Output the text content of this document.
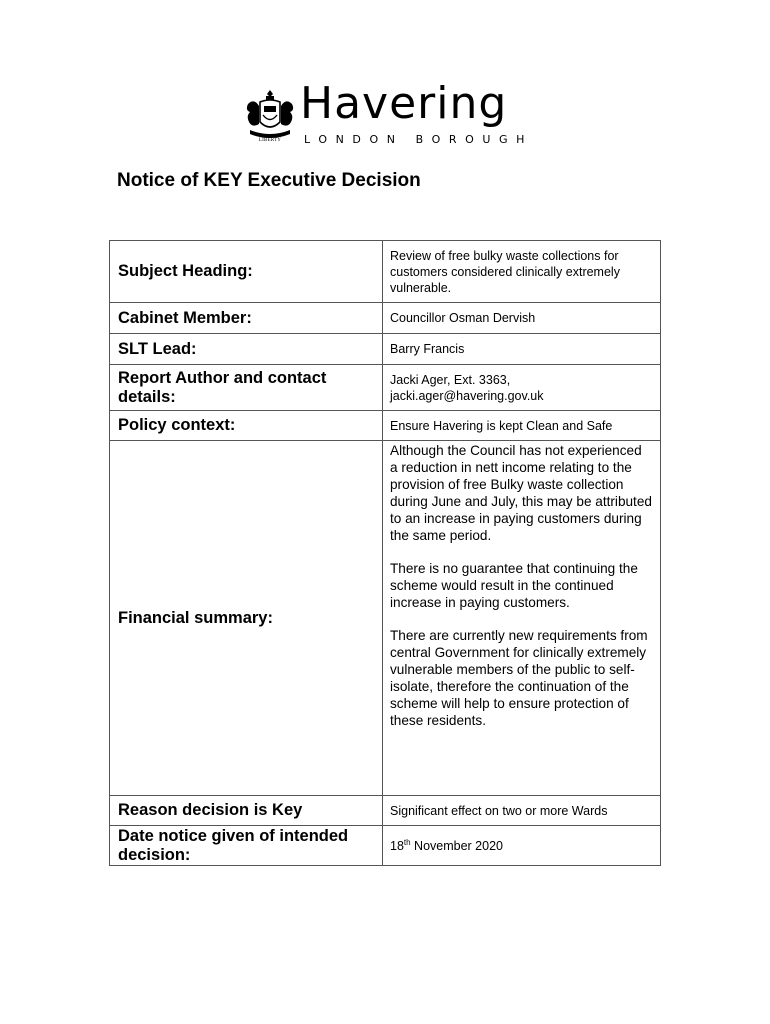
LIBERTY
Havering
LONDON BOROUGH
Notice of KEY Executive Decision
Subject Heading:	Review of free bulky waste collections for customers considered clinically extremely vulnerable.
Cabinet Member:	Councillor Osman Dervish
SLT Lead:	Barry Francis
Report Author and contact details:	Jacki Ager, Ext. 3363, jacki.ager@havering.gov.uk
Policy context:	Ensure Havering is kept Clean and Safe
Financial summary:	Although the Council has not experienced a reduction in nett income relating to the provision of free Bulky waste collection during June and July, this may be attributed to an increase in paying customers during the same period.

There is no guarantee that continuing the scheme would result in the continued increase in paying customers.

There are currently new requirements from central Government for clinically extremely vulnerable members of the public to self-isolate, therefore the continuation of the scheme will help to ensure protection of these residents.

Reason decision is Key	Significant effect on two or more Wards
Date notice given of intended decision:	18th November 2020
